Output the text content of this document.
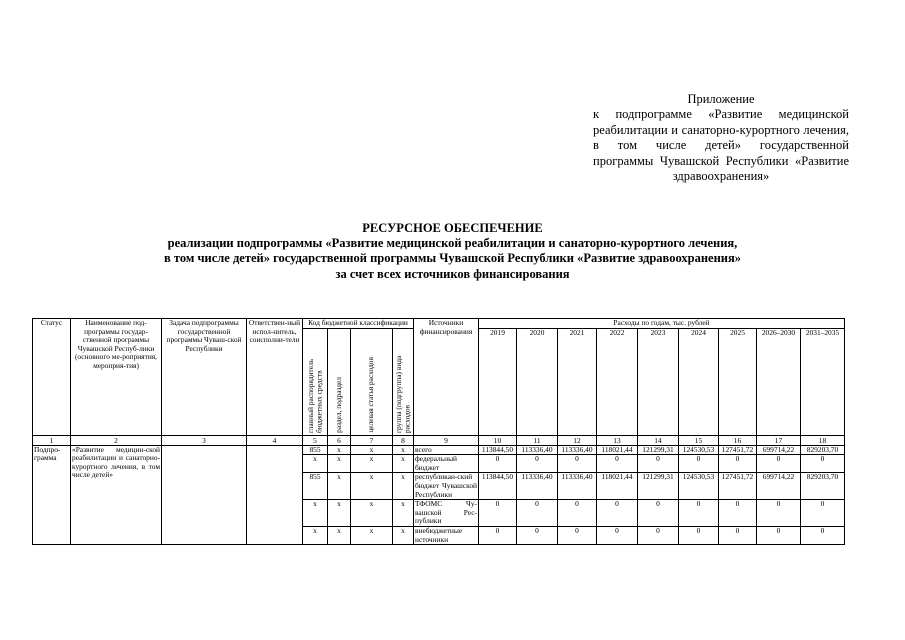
Приложение
к подпрограмме «Развитие медицинской реабилитации и санаторно-курортного лечения, в том числе детей» государственной программы Чувашской Республики «Развитие здравоохранения»
РЕСУРСНОЕ ОБЕСПЕЧЕНИЕ
реализации подпрограммы «Развитие медицинской реабилитации и санаторно-курортного лечения,
в том числе детей» государственной программы Чувашской Республики «Развитие здравоохранения»
за счет всех источников финансирования
Статус	Наименование под-программы государ-ственной программы Чувашской Респуб-лики (основного ме-роприятия, мероприя-тия)	Задача подпрограммы государственной программы Чуваш-ской Республики	Ответствен-ный испол-нитель, соисполни-тели	Код бюджетной классификации				Источники финансирования	Расходы по годам, тыс. рублей								

				главный распорядитель бюджетных средств	раздел, подраздел	целевая статья расходов	группа (подгруппа) вида расходов		2019	2020	2021	2022	2023	2024	2025	2026–2030	2031–2035
1	2	3	4	5	6	7	8	9	10	11	12	13	14	15	16	17	18
Подпро-грамма	«Развитие медицин-ской реабилитации и санаторно-курортного лечения, в том числе детей»			855	х	х	х	всего	113844,50	113336,40	113336,40	118021,44	121299,31	124530,53	127451,72	699714,22	829203,70
				х	х	х	х	федеральный бюджет	0	0	0	0	0	0	0	0	0
				855	х	х	х	республикан-ский бюджет Чувашской Республики	113844,50	113336,40	113336,40	118021,44	121299,31	124530,53	127451,72	699714,22	829203,70
				х	х	х	х	ТФОМС Чу-вашской Рес-публики	0	0	0	0	0	0	0	0	0
				х	х	х	х	внебюджетные источники	0	0	0	0	0	0	0	0	0
